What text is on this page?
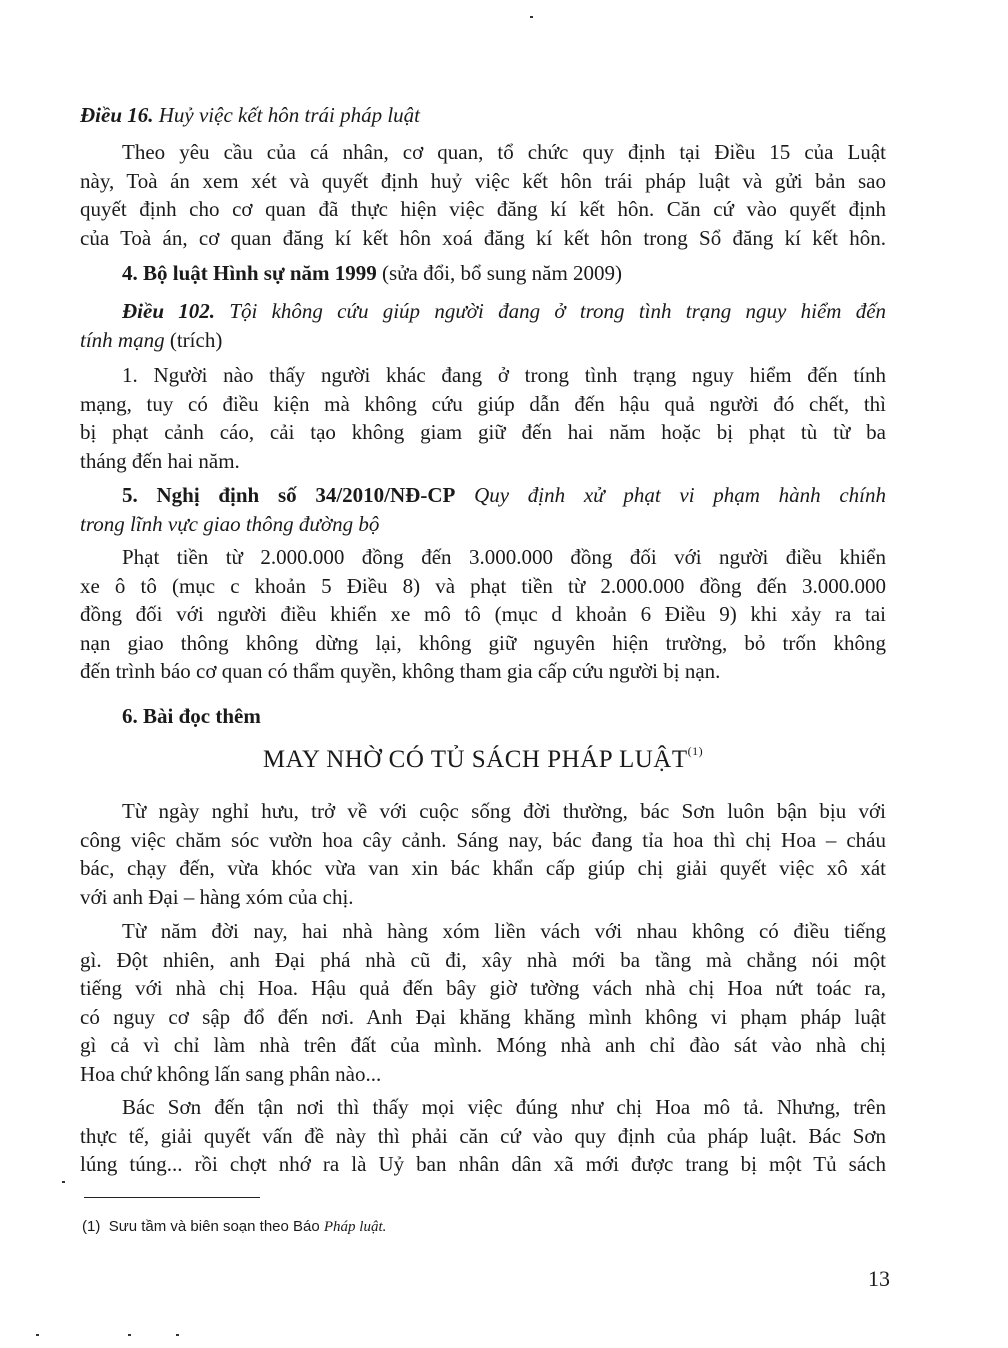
Điều 16. Huỷ việc kết hôn trái pháp luật
Theo yêu cầu của cá nhân, cơ quan, tổ chức quy định tại Điều 15 của Luật
này, Toà án xem xét và quyết định huỷ việc kết hôn trái pháp luật và gửi bản sao
quyết định cho cơ quan đã thực hiện việc đăng kí kết hôn. Căn cứ vào quyết định
của Toà án, cơ quan đăng kí kết hôn xoá đăng kí kết hôn trong Sổ đăng kí kết hôn.
4. Bộ luật Hình sự năm 1999 (sửa đổi, bổ sung năm 2009)
Điều 102. Tội không cứu giúp người đang ở trong tình trạng nguy hiểm đến
tính mạng (trích)
1. Người nào thấy người khác đang ở trong tình trạng nguy hiểm đến tính
mạng, tuy có điều kiện mà không cứu giúp dẫn đến hậu quả người đó chết, thì
bị phạt cảnh cáo, cải tạo không giam giữ đến hai năm hoặc bị phạt tù từ ba
tháng đến hai năm.
5. Nghị định số 34/2010/NĐ-CP Quy định xử phạt vi phạm hành chính
trong lĩnh vực giao thông đường bộ
Phạt tiền từ 2.000.000 đồng đến 3.000.000 đồng đối với người điều khiển
xe ô tô (mục c khoản 5 Điều 8) và phạt tiền từ 2.000.000 đồng đến 3.000.000
đồng đối với người điều khiển xe mô tô (mục d khoản 6 Điều 9) khi xảy ra tai
nạn giao thông không dừng lại, không giữ nguyên hiện trường, bỏ trốn không
đến trình báo cơ quan có thẩm quyền, không tham gia cấp cứu người bị nạn.
6. Bài đọc thêm
MAY NHỜ CÓ TỦ SÁCH PHÁP LUẬT$^{(1)}$
Từ ngày nghỉ hưu, trở về với cuộc sống đời thường, bác Sơn luôn bận bịu với
công việc chăm sóc vườn hoa cây cảnh. Sáng nay, bác đang tỉa hoa thì chị Hoa – cháu
bác, chạy đến, vừa khóc vừa van xin bác khẩn cấp giúp chị giải quyết việc xô xát
với anh Đại – hàng xóm của chị.
Từ năm đời nay, hai nhà hàng xóm liền vách với nhau không có điều tiếng
gì. Đột nhiên, anh Đại phá nhà cũ đi, xây nhà mới ba tầng mà chẳng nói một
tiếng với nhà chị Hoa. Hậu quả đến bây giờ tường vách nhà chị Hoa nứt toác ra,
có nguy cơ sập đổ đến nơi. Anh Đại khăng khăng mình không vi phạm pháp luật
gì cả vì chỉ làm nhà trên đất của mình. Móng nhà anh chỉ đào sát vào nhà chị
Hoa chứ không lấn sang phân nào...
Bác Sơn đến tận nơi thì thấy mọi việc đúng như chị Hoa mô tả. Nhưng, trên
thực tế, giải quyết vấn đề này thì phải căn cứ vào quy định của pháp luật. Bác Sơn
lúng túng... rồi chợt nhớ ra là Uỷ ban nhân dân xã mới được trang bị một Tủ sách
(1) Sưu tầm và biên soạn theo Báo Pháp luật.
13
